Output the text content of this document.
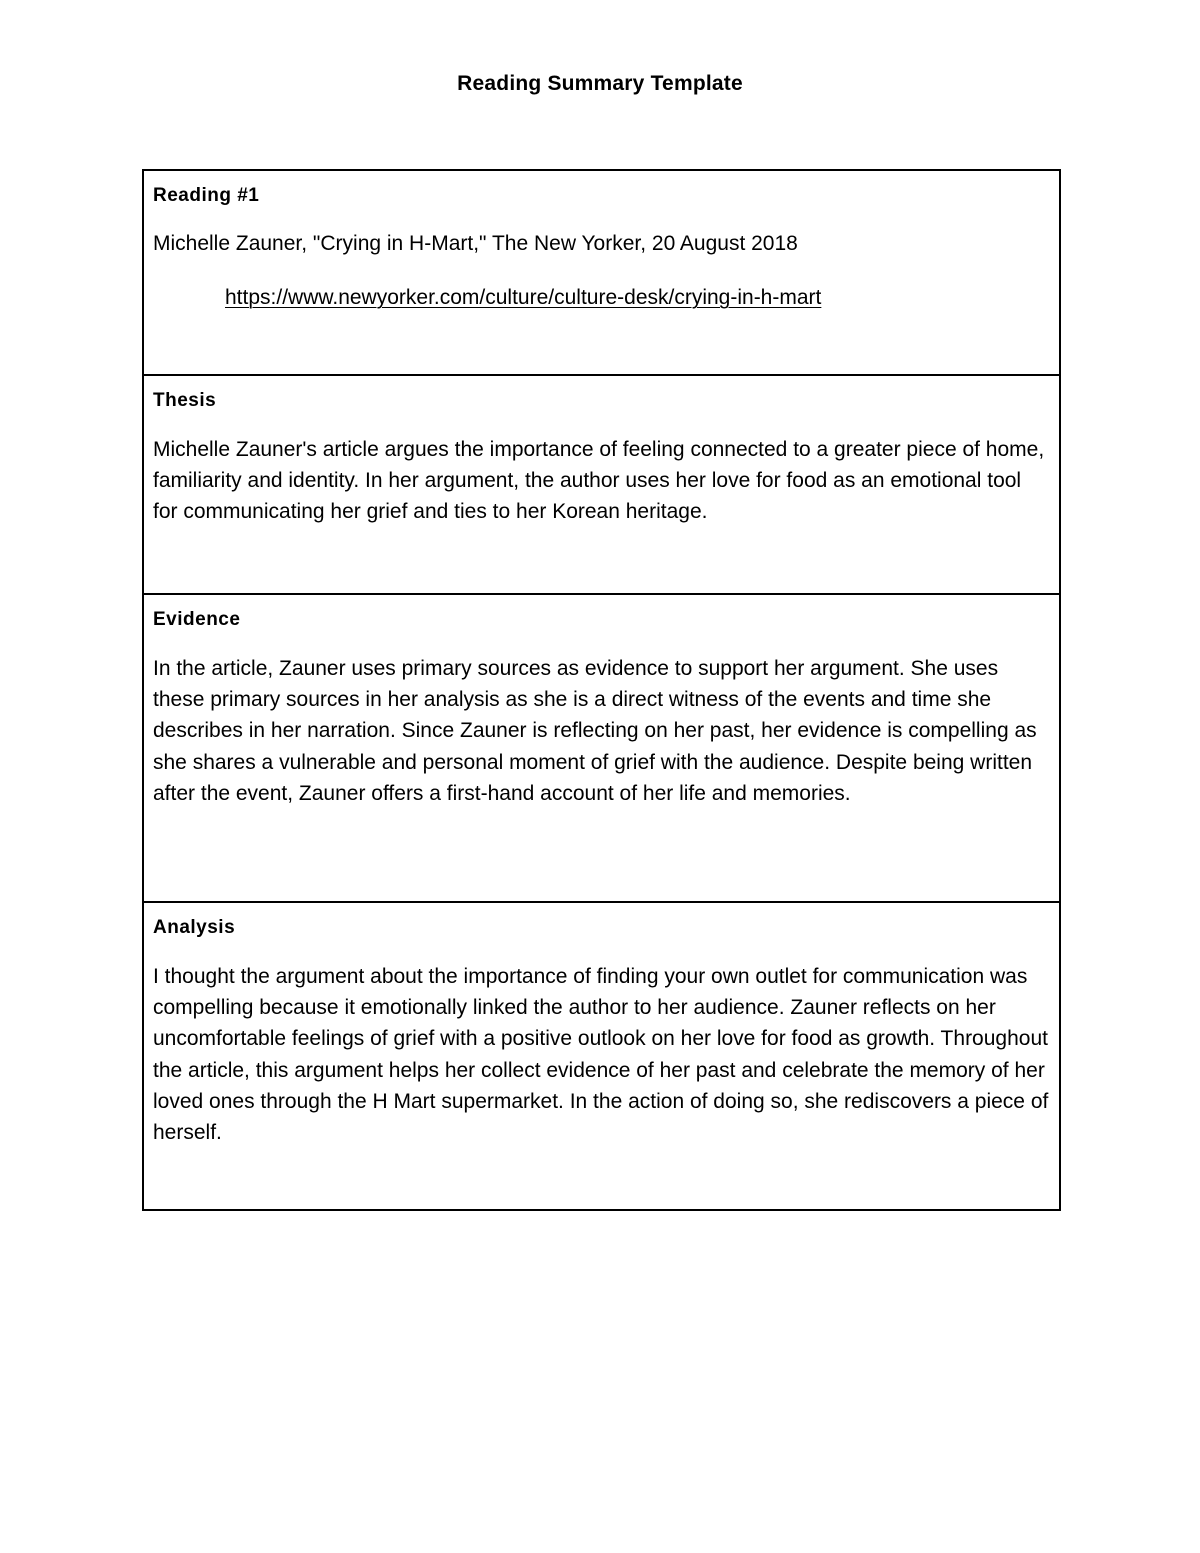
Reading Summary Template
Reading #1

Michelle Zauner, "Crying in H-Mart," The New Yorker, 20 August 2018

https://www.newyorker.com/culture/culture-desk/crying-in-h-mart

Thesis

Michelle Zauner's article argues the importance of feeling connected to a greater piece of home, familiarity and identity. In her argument, the author uses her love for food as an emotional tool for communicating her grief and ties to her Korean heritage.

Evidence

In the article, Zauner uses primary sources as evidence to support her argument. She uses these primary sources in her analysis as she is a direct witness of the events and time she describes in her narration. Since Zauner is reflecting on her past, her evidence is compelling as she shares a vulnerable and personal moment of grief with the audience. Despite being written after the event, Zauner offers a first-hand account of her life and memories.

Analysis

I thought the argument about the importance of finding your own outlet for communication was compelling because it emotionally linked the author to her audience. Zauner reflects on her uncomfortable feelings of grief with a positive outlook on her love for food as growth. Throughout the article, this argument helps her collect evidence of her past and celebrate the memory of her loved ones through the H Mart supermarket. In the action of doing so, she rediscovers a piece of herself.
